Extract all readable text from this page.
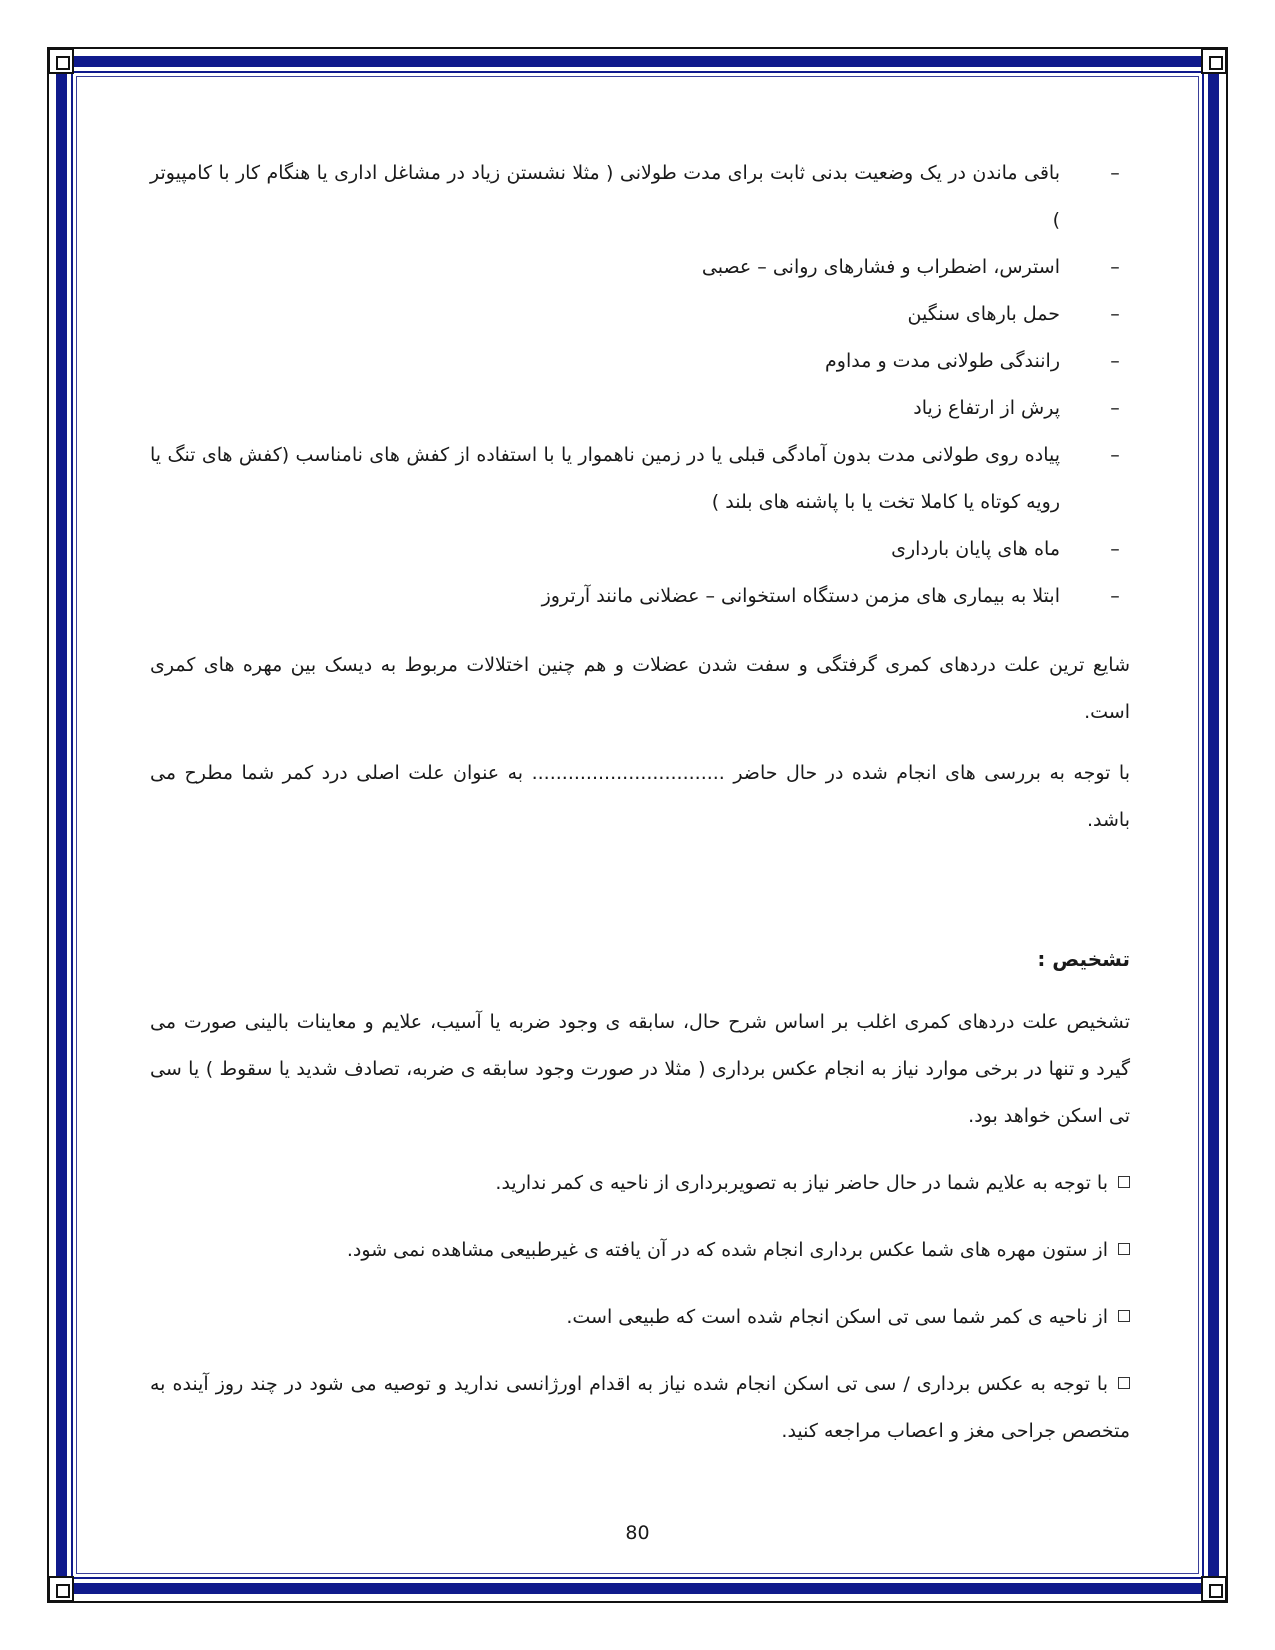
–
باقی ماندن در یک وضعیت بدنی ثابت برای مدت طولانی ( مثلا نشستن زیاد در مشاغل اداری یا هنگام کار با کامپیوتر )
–
استرس، اضطراب و فشارهای روانی – عصبی
–
حمل بارهای سنگین
–
رانندگی طولانی مدت و مداوم
–
پرش از ارتفاع زیاد
–
پیاده روی طولانی مدت بدون آمادگی قبلی یا در زمین ناهموار یا با استفاده از کفش های نامناسب (کفش های تنگ یا رویه کوتاه یا کاملا تخت یا با پاشنه های بلند )
–
ماه های پایان بارداری
–
ابتلا به بیماری های مزمن دستگاه استخوانی – عضلانی مانند آرتروز

شایع ترین علت دردهای کمری گرفتگی و سفت شدن عضلات و هم چنین اختلالات مربوط به دیسک بین مهره های کمری است.

با توجه به بررسی های انجام شده در حال حاضر ................................ به عنوان علت اصلی درد کمر شما مطرح می باشد.

تشخیص :

تشخیص علت دردهای کمری اغلب بر اساس شرح حال، سابقه ی وجود ضربه یا آسیب، علایم و معاینات بالینی صورت می گیرد و تنها در برخی موارد نیاز به انجام عکس برداری ( مثلا در صورت وجود سابقه ی ضربه، تصادف شدید یا سقوط ) یا سی تی اسکن خواهد بود.

با توجه به علایم شما در حال حاضر نیاز به تصویربرداری از ناحیه ی کمر ندارید.

از ستون مهره های شما عکس برداری انجام شده که در آن یافته ی غیرطبیعی مشاهده نمی شود.

از ناحیه ی کمر شما سی تی اسکن انجام شده است که طبیعی است.

با توجه به عکس برداری / سی تی اسکن انجام شده نیاز به اقدام اورژانسی ندارید و توصیه می شود در چند روز آینده به متخصص جراحی مغز و اعصاب مراجعه کنید.

80
